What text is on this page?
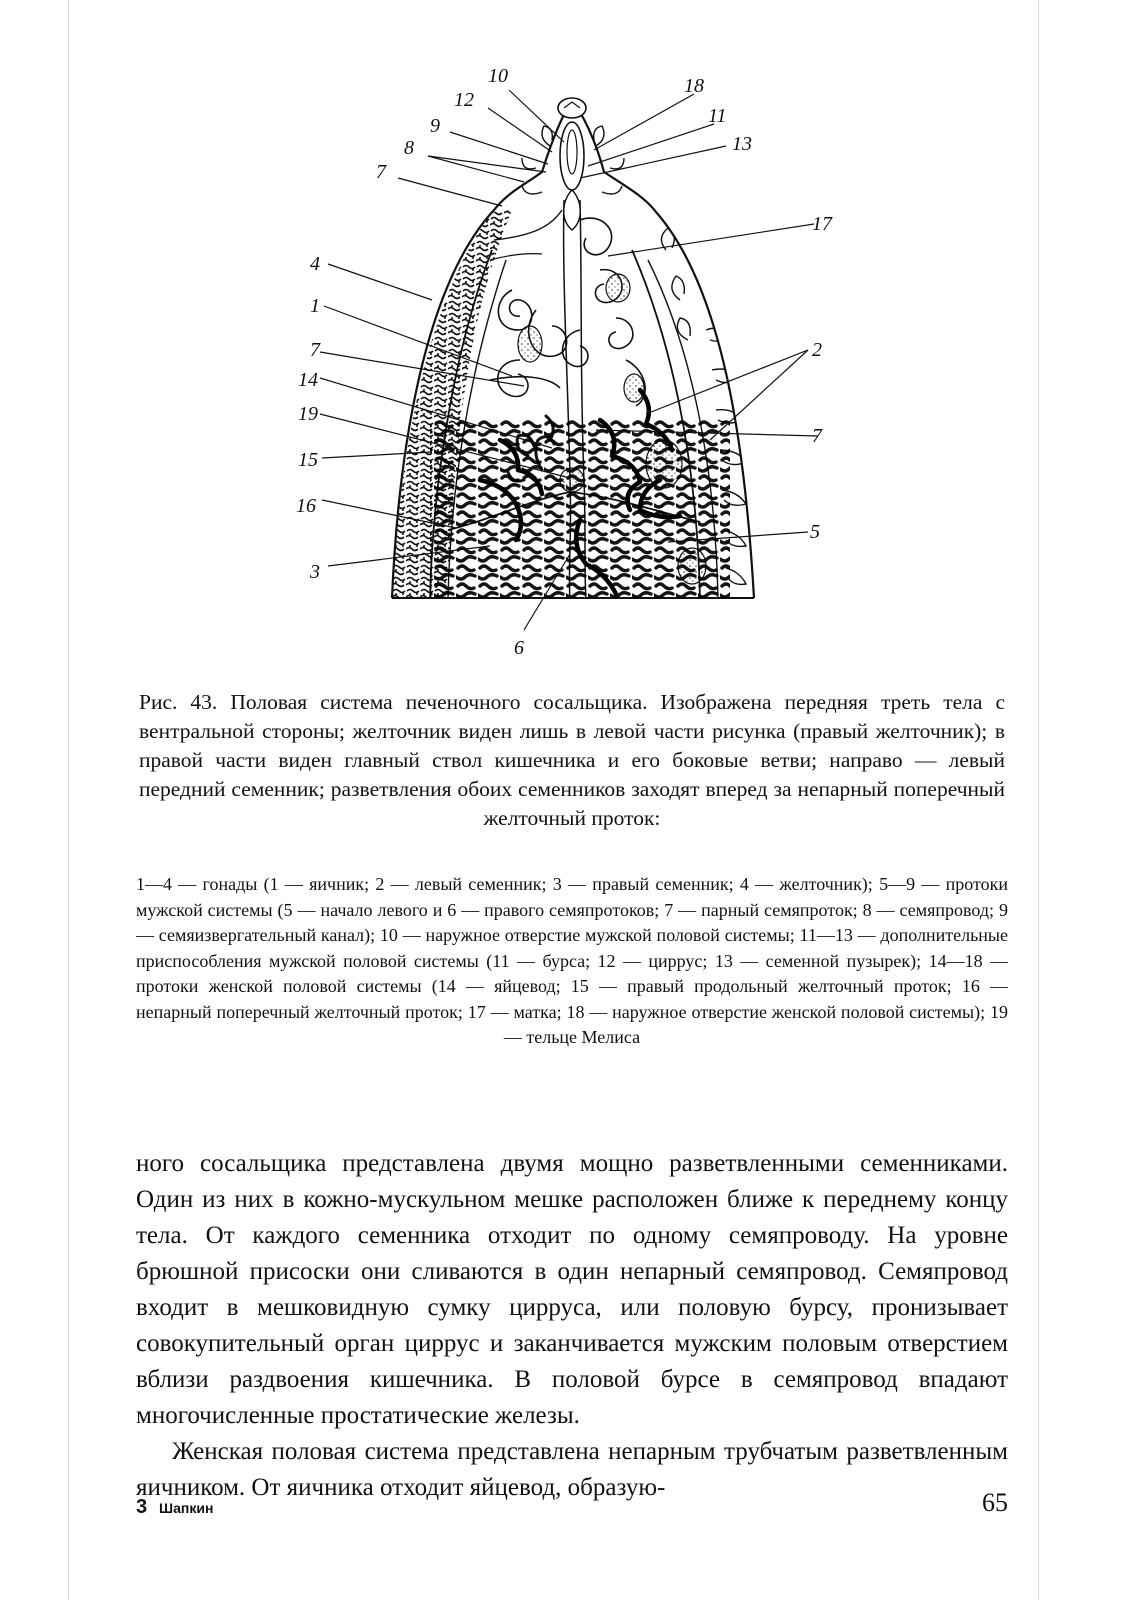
10
12
9
8
7
18
11
13
17
4
1
7
14
19
15
16
3
2
7
5
6
Рис. 43. Половая система печеночного сосальщика. Изображена передняя треть тела с вентральной стороны; желточник виден лишь в левой части рисунка (правый желточник); в правой части виден главный ствол кишечника и его боковые ветви; направо — левый передний семенник; разветвления обоих семенников заходят вперед за непарный поперечный желточный проток:
1—4 — гонады (1 — яичник; 2 — левый семенник; 3 — правый семенник; 4 — желточник); 5—9 — протоки мужской системы (5 — начало левого и 6 — правого семяпротоков; 7 — парный семяпроток; 8 — семяпровод; 9 — семяизвергательный канал); 10 — наружное отверстие мужской половой системы; 11—13 — дополнительные приспособления мужской половой системы (11 — бурса; 12 — циррус; 13 — семенной пузырек); 14—18 — протоки женской половой системы (14 — яйцевод; 15 — правый продольный желточный проток; 16 — непарный поперечный желточный проток; 17 — матка; 18 — наружное отверстие женской половой системы); 19 — тельце Мелиса

ного сосальщика представлена двумя мощно разветвленными семенниками. Один из них в кожно-мускульном мешке расположен ближе к переднему концу тела. От каждого семенника отходит по одному семяпроводу. На уровне брюшной присоски они сливаются в один непарный семяпровод. Семяпровод входит в мешковидную сумку цирруса, или половую бурсу, пронизывает совокупительный орган циррус и заканчивается мужским половым отверстием вблизи раздвоения кишечника. В половой бурсе в семяпровод впадают многочисленные простатические железы.

Женская половая система представлена непарным трубчатым разветвленным яичником. От яичника отходит яйцевод, образую-

3 Шапкин	65
